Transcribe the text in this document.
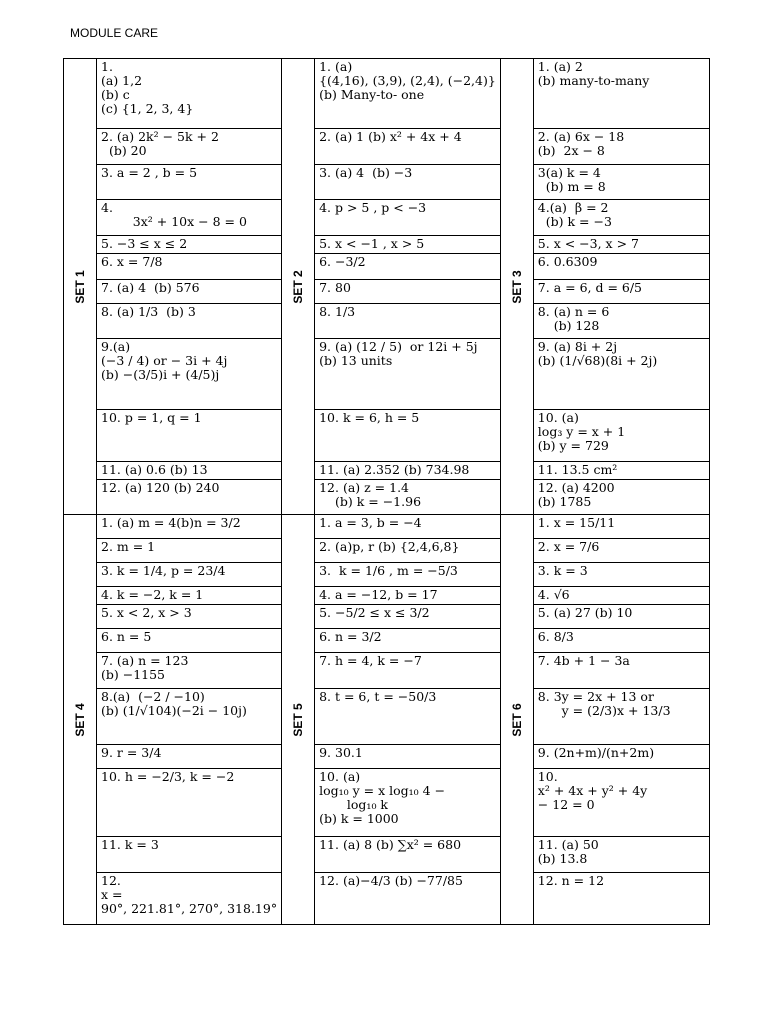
MODULE CARE
SET 1	1.
(a) 1,2
(b) c
(c) {1, 2, 3, 4}	SET 2	1. (a)
{(4,16), (3,9), (2,4), (−2,4)}
(b) Many-to- one	SET 3	1. (a) 2
(b) many-to-many

	2. (a) 2k² − 5k + 2
(b) 20		2. (a) 1 (b) x² + 4x + 4		2. (a) 6x − 18
(b)  2x − 8

	3. a = 2 , b = 5		3. (a) 4  (b) −3		3(a) k = 4
(b) m = 8

	4.
3x² + 10x − 8 = 0		4. p > 5 , p < −3		4.(a)  β = 2
(b) k = −3

	5. −3 ≤ x ≤ 2		5. x < −1 , x > 5		5. x < −3, x > 7

	6. x = 7/8		6. −3/2		6. 0.6309

	7. (a) 4  (b) 576		7. 80		7. a = 6, d = 6/5

	8. (a) 1/3  (b) 3		8. 1/3		8. (a) n = 6
(b) 128

	9.(a)
(−3 / 4) or − 3i + 4j
(b) −(3/5)i + (4/5)j		9. (a) (12 / 5)  or 12i + 5j
(b) 13 units		9. (a) 8i + 2j
(b) (1/√68)(8i + 2j)

	10. p = 1, q = 1		10. k = 6, h = 5		10. (a)
log₃ y = x + 1
(b) y = 729

	11. (a) 0.6 (b) 13		11. (a) 2.352 (b) 734.98		11. 13.5 cm²

	12. (a) 120 (b) 240		12. (a) z = 1.4
(b) k = −1.96		12. (a) 4200
(b) 1785

SET 4	1. (a) m = 4(b)n = 3/2	SET 5	1. a = 3, b = −4	SET 6	1. x = 15/11

	2. m = 1		2. (a)p, r (b) {2,4,6,8}		2. x = 7/6

	3. k = 1/4, p = 23/4		3.  k = 1/6 , m = −5/3		3. k = 3

	4. k = −2, k = 1		4. a = −12, b = 17		4. √6

	5. x < 2, x > 3		5. −5/2 ≤ x ≤ 3/2		5. (a) 27 (b) 10

	6. n = 5		6. n = 3/2		6. 8/3

	7. (a) n = 123
(b) −1155		7. h = 4, k = −7		7. 4b + 1 − 3a

	8.(a)  (−2 / −10)
(b) (1/√104)(−2i − 10j)		8. t = 6, t = −50/3		8. 3y = 2x + 13 or
y = (2/3)x + 13/3

	9. r = 3/4		9. 30.1		9. (2n+m)/(n+2m)

	10. h = −2/3, k = −2		10. (a)
log₁₀ y = x log₁₀ 4 −
log₁₀ k
(b) k = 1000		10.
x² + 4x + y² + 4y
− 12 = 0

	11. k = 3		11. (a) 8 (b) ∑x² = 680		11. (a) 50
(b) 13.8

	12.
x =
90°, 221.81°, 270°, 318.19°		12. (a)−4/3 (b) −77/85		12. n = 12
